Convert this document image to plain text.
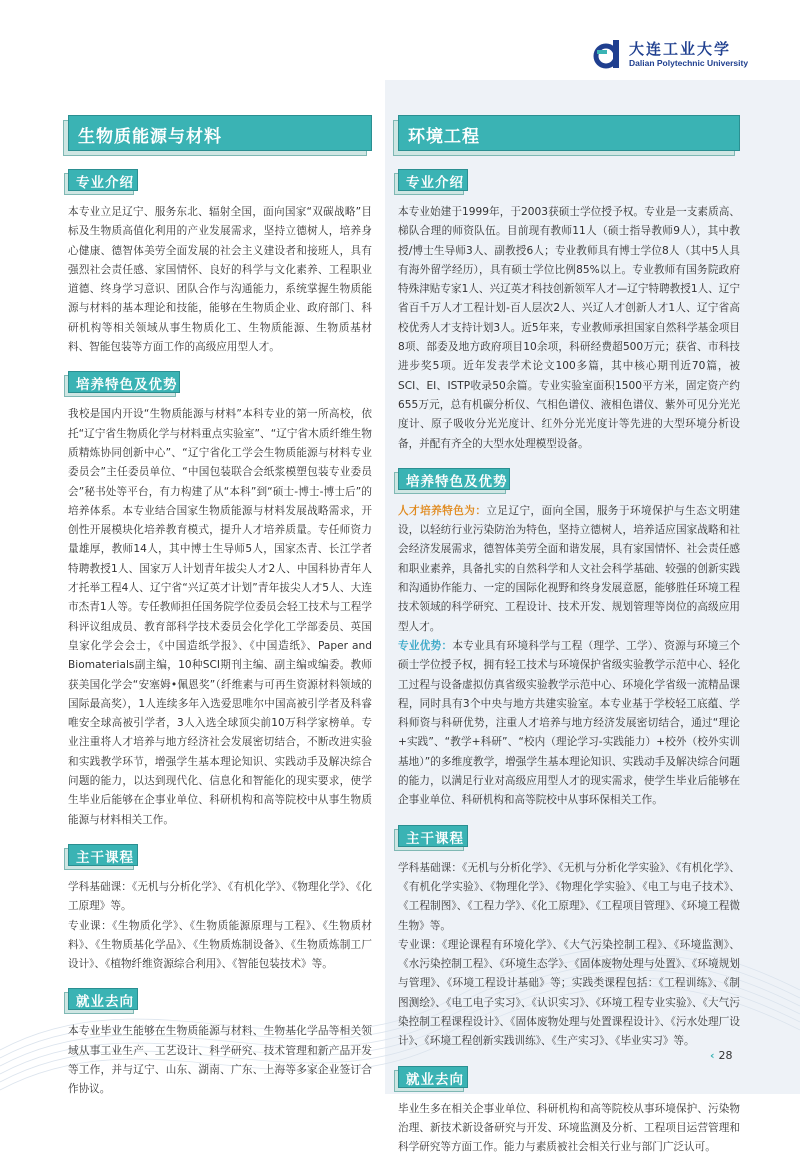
大连工业大学
Dalian Polytechnic University
生物质能源与材料
专业介绍

本专业立足辽宁、服务东北、辐射全国，面向国家“双碳战略”目标及生物质高值化利用的产业发展需求，坚持立德树人，培养身心健康、德智体美劳全面发展的社会主义建设者和接班人，具有强烈社会责任感、家国情怀、良好的科学与文化素养、工程职业道德、终身学习意识、团队合作与沟通能力，系统掌握生物质能源与材料的基本理论和技能，能够在生物质企业、政府部门、科研机构等相关领域从事生物质化工、生物质能源、生物质基材料、智能包装等方面工作的高级应用型人才。

培养特色及优势

我校是国内开设“生物质能源与材料”本科专业的第一所高校，依托“辽宁省生物质化学与材料重点实验室”、“辽宁省木质纤维生物质精炼协同创新中心”、“辽宁省化工学会生物质能源与材料专业委员会”主任委员单位、“中国包装联合会纸浆模塑包装专业委员会”秘书处等平台，有力构建了从“本科”到“硕士-博士-博士后”的培养体系。本专业结合国家生物质能源与材料发展战略需求，开创性开展模块化培养教育模式，提升人才培养质量。专任师资力量雄厚，教师14人，其中博士生导师5人，国家杰青、长江学者特聘教授1人、国家万人计划青年拔尖人才2人、中国科协青年人才托举工程4人、辽宁省“兴辽英才计划”青年拔尖人才5人、大连市杰青1人等。专任教师担任国务院学位委员会轻工技术与工程学科评议组成员、教育部科学技术委员会化学化工学部委员、英国皇家化学会会士，《中国造纸学报》、《中国造纸》、Paper and Biomaterials副主编，10种SCI期刊主编、副主编或编委。教师获美国化学会“安塞姆•佩恩奖”（纤维素与可再生资源材料领域的国际最高奖），1人连续多年入选爱思唯尔中国高被引学者及科睿唯安全球高被引学者，3人入选全球顶尖前10万科学家榜单。专业注重将人才培养与地方经济社会发展密切结合，不断改进实验和实践教学环节，增强学生基本理论知识、实践动手及解决综合问题的能力，以达到现代化、信息化和智能化的现实要求，使学生毕业后能够在企事业单位、科研机构和高等院校中从事生物质能源与材料相关工作。

主干课程

学科基础课：《无机与分析化学》、《有机化学》、《物理化学》、《化工原理》等。

专业课：《生物质化学》、《生物质能源原理与工程》、《生物质材料》、《生物质基化学品》、《生物质炼制设备》、《生物质炼制工厂设计》、《植物纤维资源综合利用》、《智能包装技术》等。

就业去向

本专业毕业生能够在生物质能源与材料、生物基化学品等相关领域从事工业生产、工艺设计、科学研究、技术管理和新产品开发等工作，并与辽宁、山东、湖南、广东、上海等多家企业签订合作协议。

环境工程
专业介绍

本专业始建于1999年，于2003获硕士学位授予权。专业是一支素质高、梯队合理的师资队伍。目前现有教师11人（硕士指导教师9人），其中教授/博士生导师3人、副教授6人；专业教师具有博士学位8人（其中5人具有海外留学经历），具有硕士学位比例85%以上。专业教师有国务院政府特殊津贴专家1人、兴辽英才科技创新领军人才—辽宁特聘教授1人、辽宁省百千万人才工程计划-百人层次2人、兴辽人才创新人才1人、辽宁省高校优秀人才支持计划3人。近5年来，专业教师承担国家自然科学基金项目8项、部委及地方政府项目10余项，科研经费超500万元；获省、市科技进步奖5项。近年发表学术论文100多篇，其中核心期刊近70篇，被SCI、EI、ISTP收录50余篇。专业实验室面积1500平方米，固定资产约655万元，总有机碳分析仪、气相色谱仪、液相色谱仪、紫外可见分光光度计、原子吸收分光光度计、红外分光光度计等先进的大型环境分析设备，并配有齐全的大型水处理模型设备。

培养特色及优势

人才培养特色为：立足辽宁，面向全国，服务于环境保护与生态文明建设，以轻纺行业污染防治为特色，坚持立德树人，培养适应国家战略和社会经济发展需求，德智体美劳全面和谐发展，具有家国情怀、社会责任感和职业素养，具备扎实的自然科学和人文社会科学基础、较强的创新实践和沟通协作能力、一定的国际化视野和终身发展意愿，能够胜任环境工程技术领域的科学研究、工程设计、技术开发、规划管理等岗位的高级应用型人才。

专业优势：本专业具有环境科学与工程（理学、工学）、资源与环境三个硕士学位授予权，拥有轻工技术与环境保护省级实验教学示范中心、轻化工过程与设备虚拟仿真省级实验教学示范中心、环境化学省级一流精品课程，同时具有3个中央与地方共建实验室。本专业基于学校轻工底蕴、学科师资与科研优势，注重人才培养与地方经济发展密切结合，通过“理论+实践”、“教学+科研”、“校内（理论学习-实践能力）+校外（校外实训基地）”的多维度教学，增强学生基本理论知识、实践动手及解决综合问题的能力，以满足行业对高级应用型人才的现实需求，使学生毕业后能够在企事业单位、科研机构和高等院校中从事环保相关工作。

主干课程

学科基础课：《无机与分析化学》、《无机与分析化学实验》、《有机化学》、《有机化学实验》、《物理化学》、《物理化学实验》、《电工与电子技术》、《工程制图》、《工程力学》、《化工原理》、《工程项目管理》、《环境工程微生物》等。

专业课：《理论课程有环境化学》、《大气污染控制工程》、《环境监测》、《水污染控制工程》、《环境生态学》、《固体废物处理与处置》、《环境规划与管理》、《环境工程设计基础》等；实践类课程包括：《工程训练》、《制图测绘》、《电工电子实习》、《认识实习》、《环境工程专业实验》、《大气污染控制工程课程设计》、《固体废物处理与处置课程设计》、《污水处理厂设计》、《环境工程创新实践训练》、《生产实习》、《毕业实习》等。

就业去向

毕业生多在相关企事业单位、科研机构和高等院校从事环境保护、污染物治理、新技术新设备研究与开发、环境监测及分析、工程项目运营管理和科学研究等方面工作。能力与素质被社会相关行业与部门广泛认可。

‹ 28
